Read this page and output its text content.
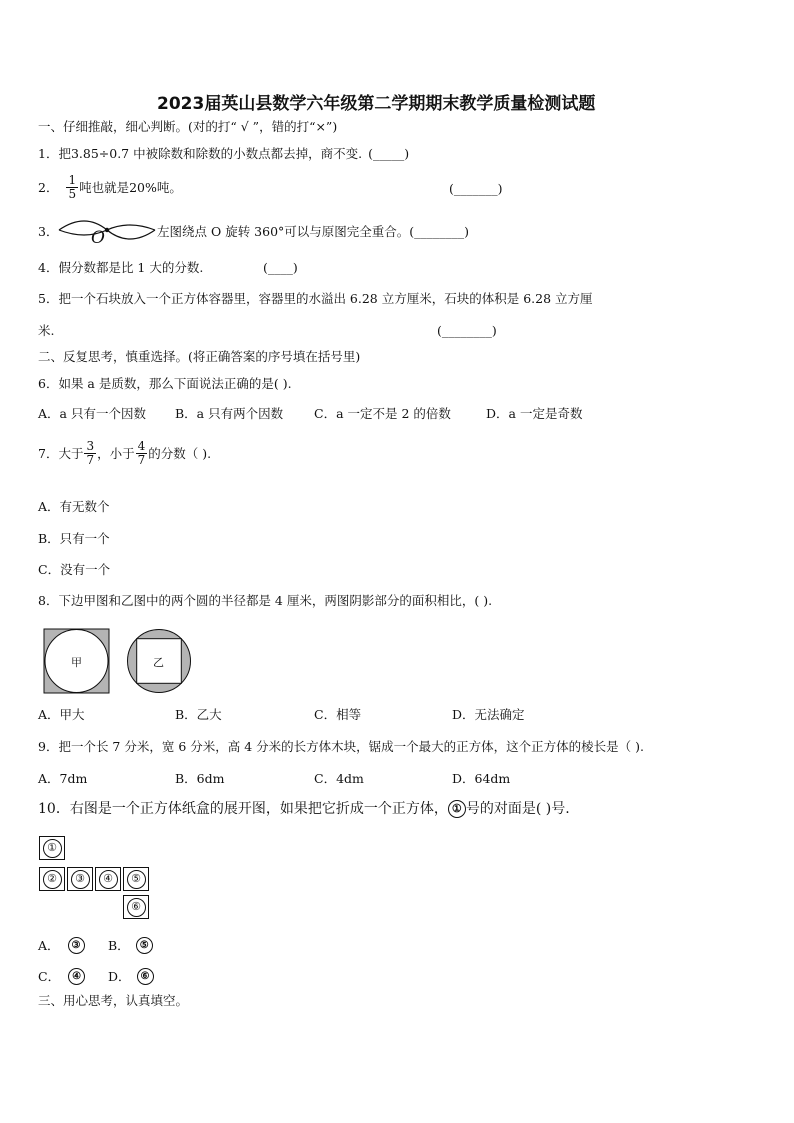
2023届英山县数学六年级第二学期期末教学质量检测试题
一、仔细推敲，细心判断。(对的打“ √ ”，错的打“×”)
1．把3.85÷0.7 中被除数和除数的小数点都去掉，商不变. (_____)
2． $\frac{1}{5}$ 吨也就是20%吨。	(_______)
3． O	左图绕点 O 旋转 360°可以与原图完全重合。(________)
4．假分数都是比 1 大的分数.	(____)
5．把一个石块放入一个正方体容器里，容器里的水溢出 6.28 立方厘米，石块的体积是 6.28 立方厘
米.	(________)
二、反复思考，慎重选择。(将正确答案的序号填在括号里)
6．如果 a 是质数，那么下面说法正确的是( ).
A．a 只有一个因数 B．a 只有两个因数 C．a 一定不是 2 的倍数	D．a 一定是奇数
7． 大于 $\frac{3}{7}$ ，小于 $\frac{4}{7}$ 的分数（ ).
A．有无数个
B．只有一个
C．没有一个
8．下边甲图和乙图中的两个圆的半径都是 4 厘米，两图阴影部分的面积相比，( ).
甲	乙
A．甲大	B．乙大	C．相等	D．无法确定
9．把一个长 7 分米，宽 6 分米，高 4 分米的长方体木块，锯成一个最大的正方体，这个正方体的棱长是（ ).
A．7dm	B．6dm	C．4dm	D．64dm
10． 右图是一个正方体纸盒的展开图，如果把它折成一个正方体， ① 号的对面是( )号.
①
②	③	④	⑤
⑥
A．	③	B．	⑤
C．	④	D．	⑥
三、用心思考，认真填空。
